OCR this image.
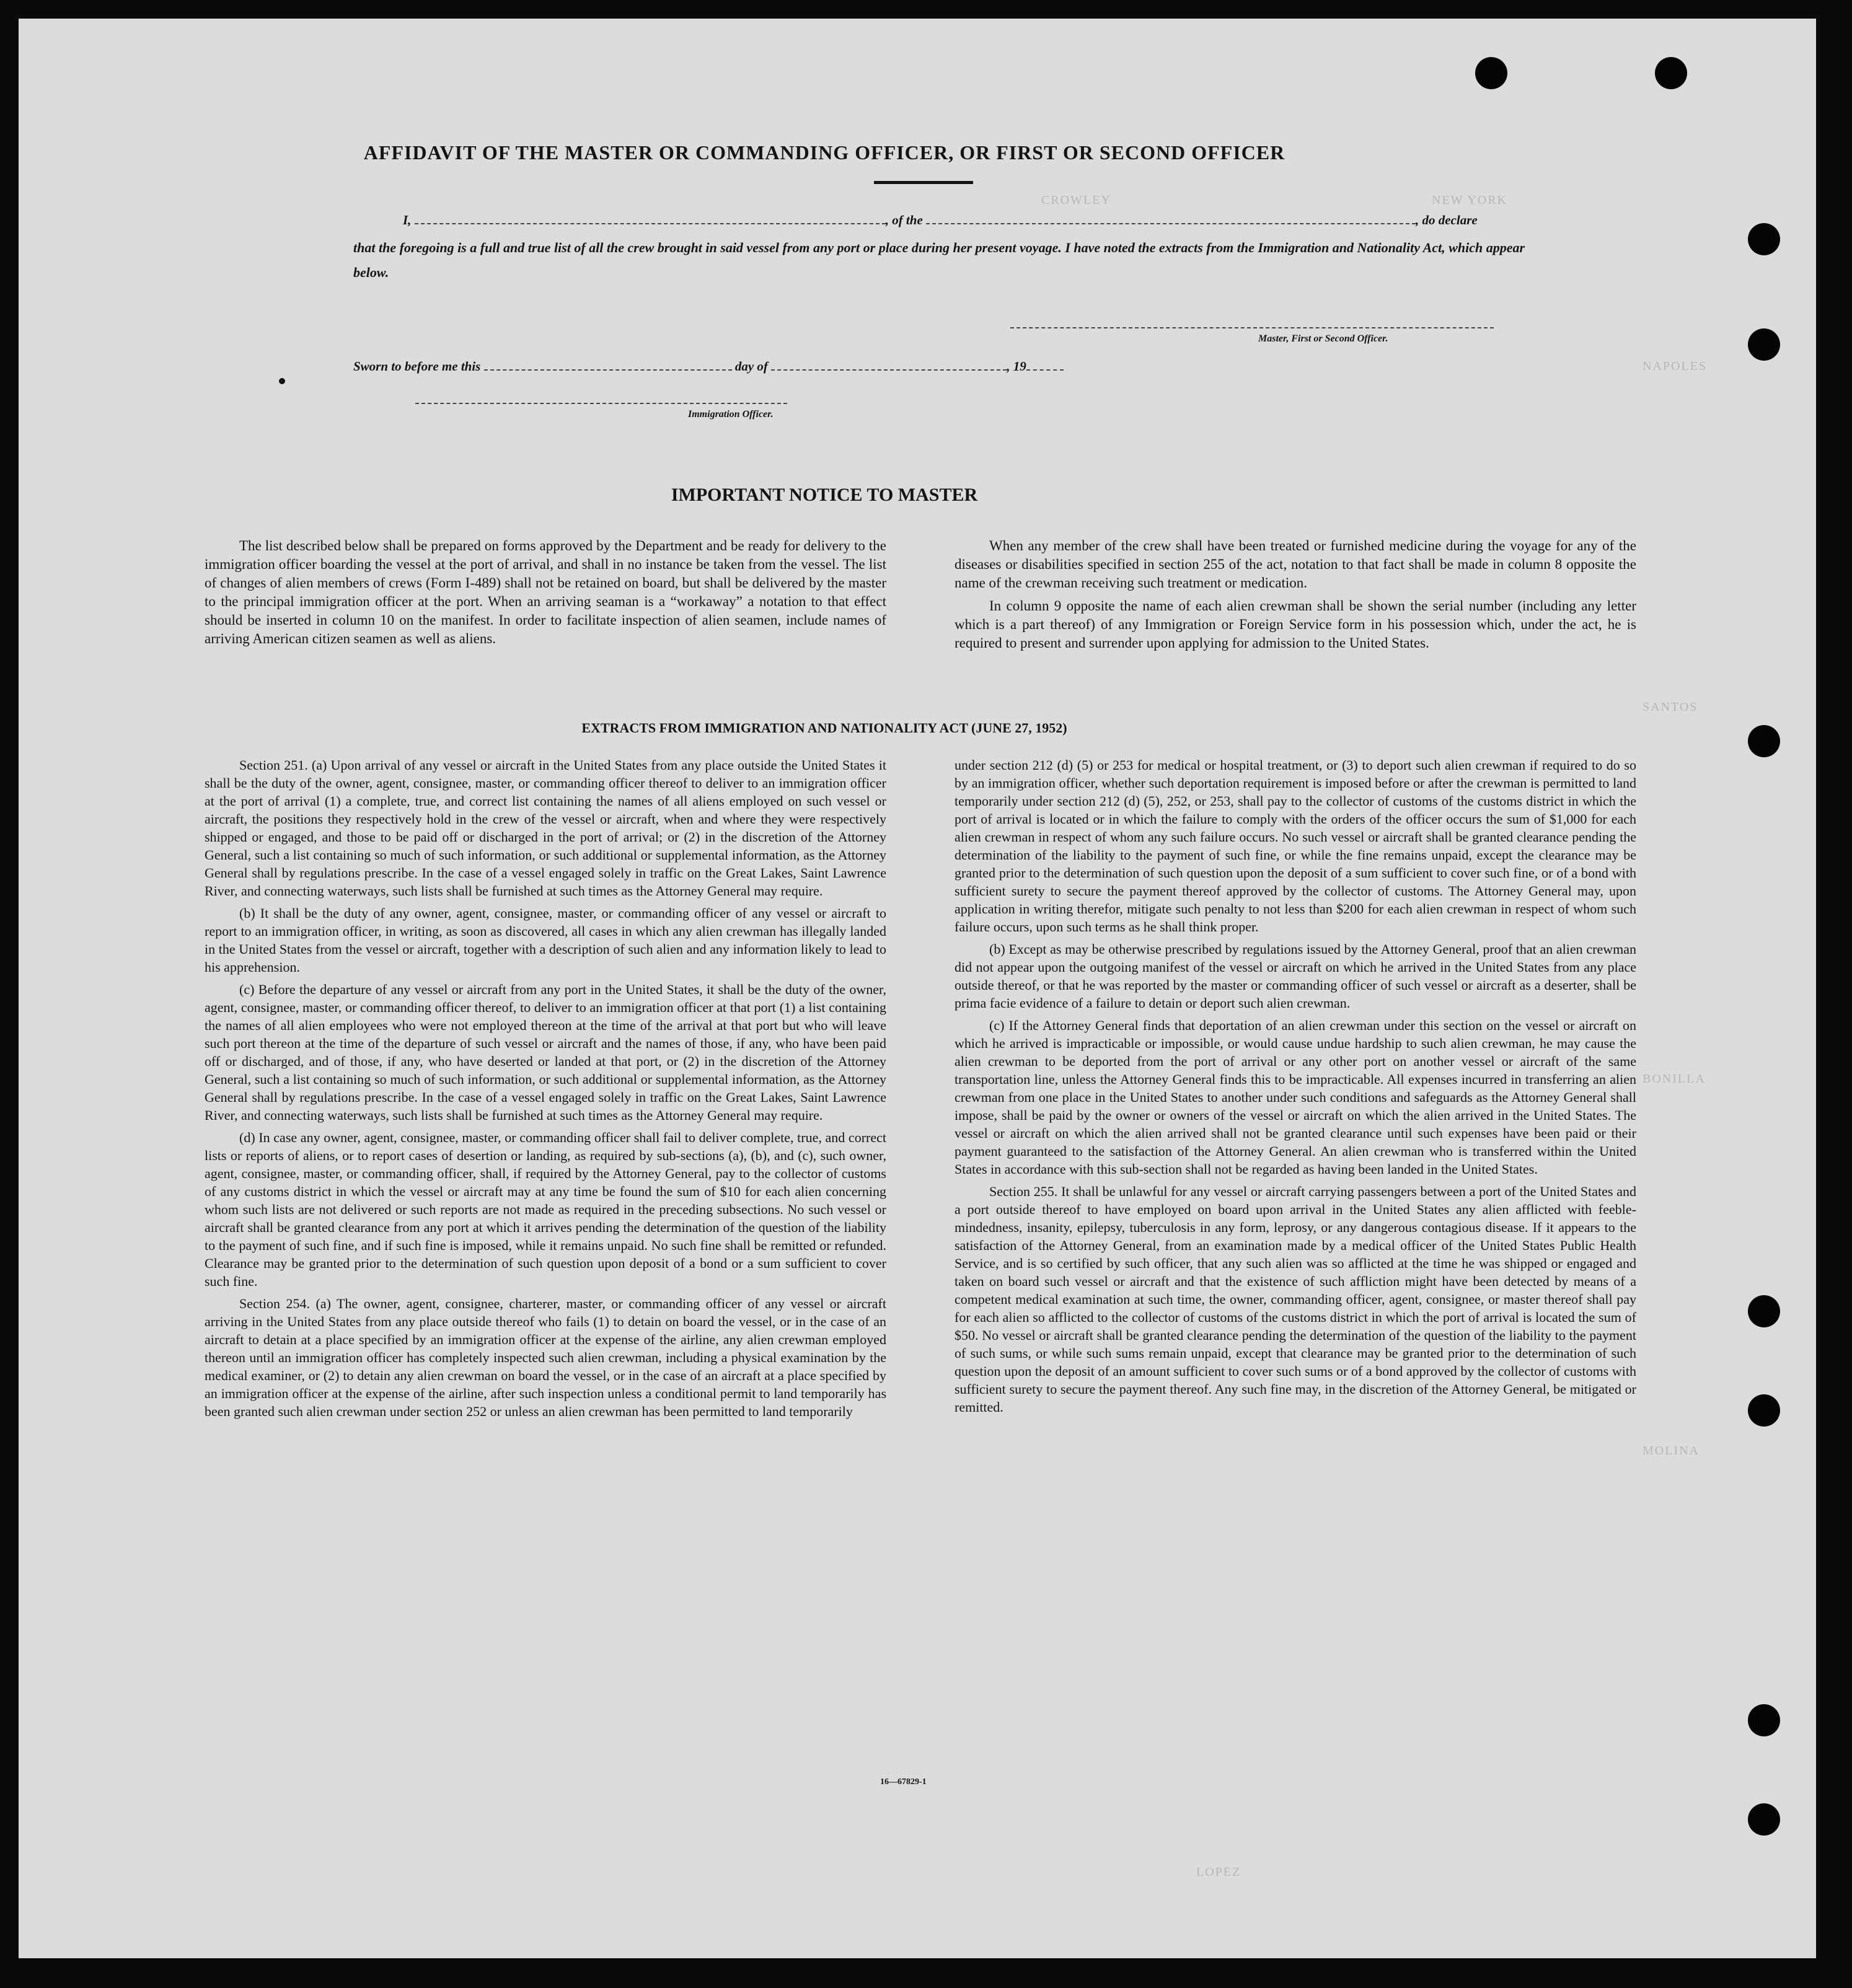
NEW YORK
CROWLEY
NAPOLES
SANTOS
BONILLA
MOLINA
LOPEZ
AFFIDAVIT OF THE MASTER OR COMMANDING OFFICER, OR FIRST OR SECOND OFFICER
I,	, of the	, do declare
that the foregoing is a full and true list of all the crew brought in said vessel from any port or place during her present voyage. I have noted the extracts from the Immigration and Nationality Act, which appear below.
Master, First or Second Officer.
Sworn to before me this	day of	, 19
Immigration Officer.
IMPORTANT NOTICE TO MASTER

The list described below shall be prepared on forms approved by the Department and be ready for delivery to the immigration officer boarding the vessel at the port of arrival, and shall in no instance be taken from the vessel. The list of changes of alien members of crews (Form I-489) shall not be retained on board, but shall be delivered by the master to the principal immigration officer at the port. When an arriving seaman is a “workaway” a notation to that effect should be inserted in column 10 on the manifest. In order to facilitate inspection of alien seamen, include names of arriving American citizen seamen as well as aliens.

When any member of the crew shall have been treated or furnished medicine during the voyage for any of the diseases or disabilities specified in section 255 of the act, notation to that fact shall be made in column 8 opposite the name of the crewman receiving such treatment or medication.

In column 9 opposite the name of each alien crewman shall be shown the serial number (including any letter which is a part thereof) of any Immigration or Foreign Service form in his possession which, under the act, he is required to present and surrender upon applying for admission to the United States.

EXTRACTS FROM IMMIGRATION AND NATIONALITY ACT (JUNE 27, 1952)

Section 251. (a) Upon arrival of any vessel or aircraft in the United States from any place outside the United States it shall be the duty of the owner, agent, consignee, master, or commanding officer thereof to deliver to an immigration officer at the port of arrival (1) a complete, true, and correct list containing the names of all aliens employed on such vessel or aircraft, the positions they respectively hold in the crew of the vessel or aircraft, when and where they were respectively shipped or engaged, and those to be paid off or discharged in the port of arrival; or (2) in the discretion of the Attorney General, such a list containing so much of such information, or such additional or supplemental information, as the Attorney General shall by regulations prescribe. In the case of a vessel engaged solely in traffic on the Great Lakes, Saint Lawrence River, and connecting waterways, such lists shall be furnished at such times as the Attorney General may require.

(b) It shall be the duty of any owner, agent, consignee, master, or commanding officer of any vessel or aircraft to report to an immigration officer, in writing, as soon as discovered, all cases in which any alien crewman has illegally landed in the United States from the vessel or aircraft, together with a description of such alien and any information likely to lead to his apprehension.

(c) Before the departure of any vessel or aircraft from any port in the United States, it shall be the duty of the owner, agent, consignee, master, or commanding officer thereof, to deliver to an immigration officer at that port (1) a list containing the names of all alien employees who were not employed thereon at the time of the arrival at that port but who will leave such port thereon at the time of the departure of such vessel or aircraft and the names of those, if any, who have been paid off or discharged, and of those, if any, who have deserted or landed at that port, or (2) in the discretion of the Attorney General, such a list containing so much of such information, or such additional or supplemental information, as the Attorney General shall by regulations prescribe. In the case of a vessel engaged solely in traffic on the Great Lakes, Saint Lawrence River, and connecting waterways, such lists shall be furnished at such times as the Attorney General may require.

(d) In case any owner, agent, consignee, master, or commanding officer shall fail to deliver complete, true, and correct lists or reports of aliens, or to report cases of desertion or landing, as required by sub-sections (a), (b), and (c), such owner, agent, consignee, master, or commanding officer, shall, if required by the Attorney General, pay to the collector of customs of any customs district in which the vessel or aircraft may at any time be found the sum of $10 for each alien concerning whom such lists are not delivered or such reports are not made as required in the preceding subsections. No such vessel or aircraft shall be granted clearance from any port at which it arrives pending the determination of the question of the liability to the payment of such fine, and if such fine is imposed, while it remains unpaid. No such fine shall be remitted or refunded. Clearance may be granted prior to the determination of such question upon deposit of a bond or a sum sufficient to cover such fine.

Section 254. (a) The owner, agent, consignee, charterer, master, or commanding officer of any vessel or aircraft arriving in the United States from any place outside thereof who fails (1) to detain on board the vessel, or in the case of an aircraft to detain at a place specified by an immigration officer at the expense of the airline, any alien crewman employed thereon until an immigration officer has completely inspected such alien crewman, including a physical examination by the medical examiner, or (2) to detain any alien crewman on board the vessel, or in the case of an aircraft at a place specified by an immigration officer at the expense of the airline, after such inspection unless a conditional permit to land temporarily has been granted such alien crewman under section 252 or unless an alien crewman has been permitted to land temporarily

under section 212 (d) (5) or 253 for medical or hospital treatment, or (3) to deport such alien crewman if required to do so by an immigration officer, whether such deportation requirement is imposed before or after the crewman is permitted to land temporarily under section 212 (d) (5), 252, or 253, shall pay to the collector of customs of the customs district in which the port of arrival is located or in which the failure to comply with the orders of the officer occurs the sum of $1,000 for each alien crewman in respect of whom any such failure occurs. No such vessel or aircraft shall be granted clearance pending the determination of the liability to the payment of such fine, or while the fine remains unpaid, except the clearance may be granted prior to the determination of such question upon the deposit of a sum sufficient to cover such fine, or of a bond with sufficient surety to secure the payment thereof approved by the collector of customs. The Attorney General may, upon application in writing therefor, mitigate such penalty to not less than $200 for each alien crewman in respect of whom such failure occurs, upon such terms as he shall think proper.

(b) Except as may be otherwise prescribed by regulations issued by the Attorney General, proof that an alien crewman did not appear upon the outgoing manifest of the vessel or aircraft on which he arrived in the United States from any place outside thereof, or that he was reported by the master or commanding officer of such vessel or aircraft as a deserter, shall be prima facie evidence of a failure to detain or deport such alien crewman.

(c) If the Attorney General finds that deportation of an alien crewman under this section on the vessel or aircraft on which he arrived is impracticable or impossible, or would cause undue hardship to such alien crewman, he may cause the alien crewman to be deported from the port of arrival or any other port on another vessel or aircraft of the same transportation line, unless the Attorney General finds this to be impracticable. All expenses incurred in transferring an alien crewman from one place in the United States to another under such conditions and safeguards as the Attorney General shall impose, shall be paid by the owner or owners of the vessel or aircraft on which the alien arrived in the United States. The vessel or aircraft on which the alien arrived shall not be granted clearance until such expenses have been paid or their payment guaranteed to the satisfaction of the Attorney General. An alien crewman who is transferred within the United States in accordance with this sub-section shall not be regarded as having been landed in the United States.

Section 255. It shall be unlawful for any vessel or aircraft carrying passengers between a port of the United States and a port outside thereof to have employed on board upon arrival in the United States any alien afflicted with feeble-mindedness, insanity, epilepsy, tuberculosis in any form, leprosy, or any dangerous contagious disease. If it appears to the satisfaction of the Attorney General, from an examination made by a medical officer of the United States Public Health Service, and is so certified by such officer, that any such alien was so afflicted at the time he was shipped or engaged and taken on board such vessel or aircraft and that the existence of such affliction might have been detected by means of a competent medical examination at such time, the owner, commanding officer, agent, consignee, or master thereof shall pay for each alien so afflicted to the collector of customs of the customs district in which the port of arrival is located the sum of $50. No vessel or aircraft shall be granted clearance pending the determination of the question of the liability to the payment of such sums, or while such sums remain unpaid, except that clearance may be granted prior to the determination of such question upon the deposit of an amount sufficient to cover such sums or of a bond approved by the collector of customs with sufficient surety to secure the payment thereof. Any such fine may, in the discretion of the Attorney General, be mitigated or remitted.

16—67829-1
